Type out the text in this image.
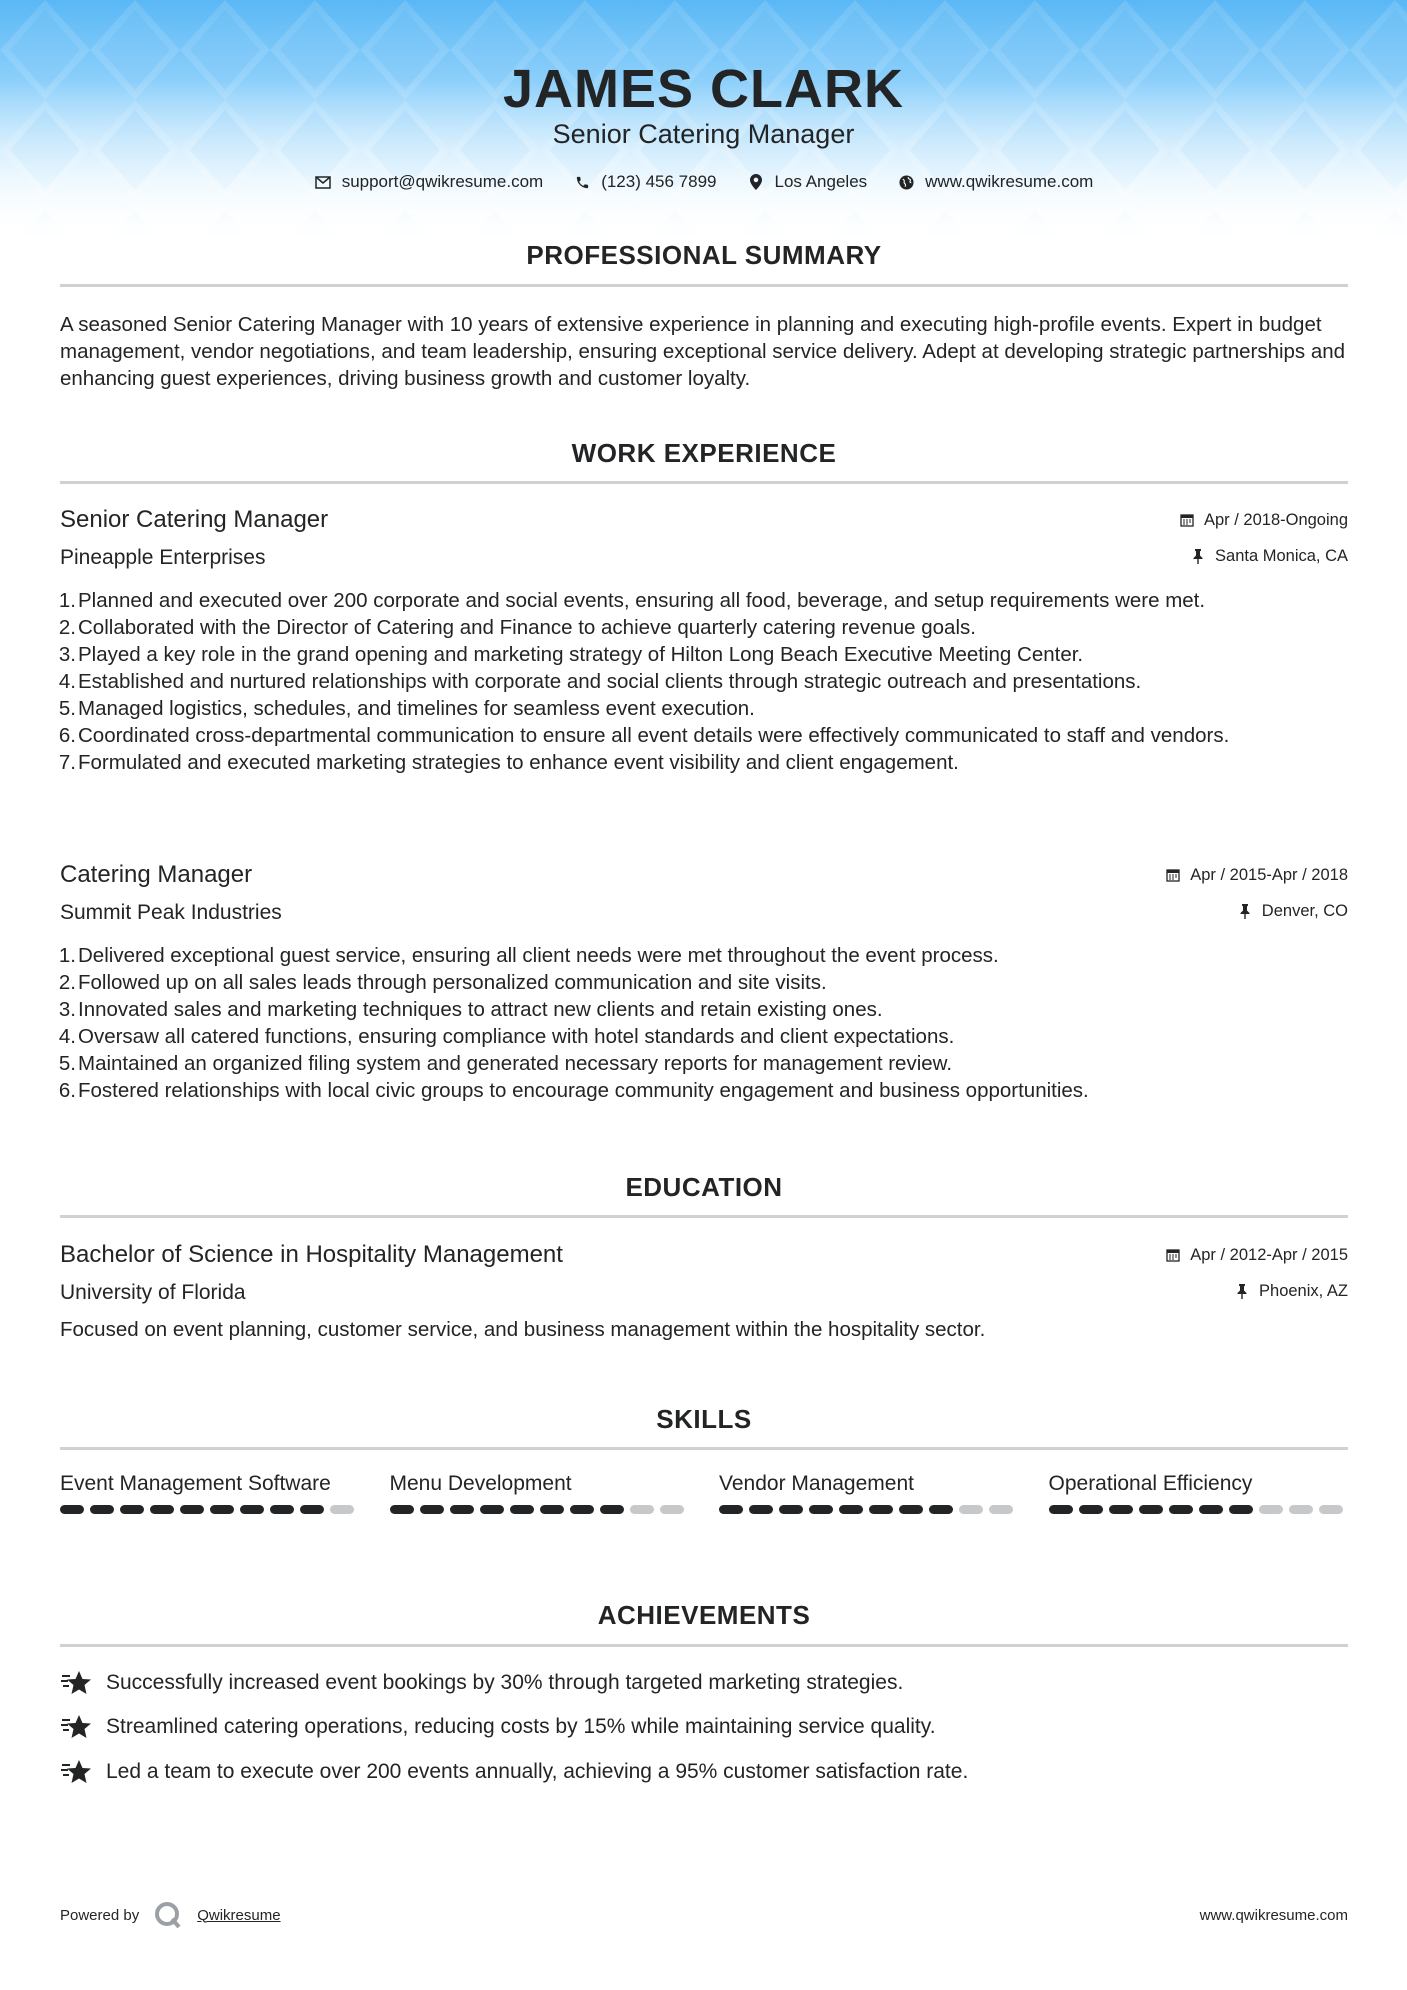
JAMES CLARK
Senior Catering Manager
support@qwikresume.com	(123) 456 7899	Los Angeles	www.qwikresume.com
PROFESSIONAL SUMMARY
A seasoned Senior Catering Manager with 10 years of extensive experience in planning and executing high-profile events. Expert in budget management, vendor negotiations, and team leadership, ensuring exceptional service delivery. Adept at developing strategic partnerships and enhancing guest experiences, driving business growth and customer loyalty.
WORK EXPERIENCE
Senior Catering Manager	Apr / 2018-Ongoing
Pineapple Enterprises	Santa Monica, CA
1. Planned and executed over 200 corporate and social events, ensuring all food, beverage, and setup requirements were met.
2. Collaborated with the Director of Catering and Finance to achieve quarterly catering revenue goals.
3. Played a key role in the grand opening and marketing strategy of Hilton Long Beach Executive Meeting Center.
4. Established and nurtured relationships with corporate and social clients through strategic outreach and presentations.
5. Managed logistics, schedules, and timelines for seamless event execution.
6. Coordinated cross-departmental communication to ensure all event details were effectively communicated to staff and vendors.
7. Formulated and executed marketing strategies to enhance event visibility and client engagement.
Catering Manager	Apr / 2015-Apr / 2018
Summit Peak Industries	Denver, CO
1. Delivered exceptional guest service, ensuring all client needs were met throughout the event process.
2. Followed up on all sales leads through personalized communication and site visits.
3. Innovated sales and marketing techniques to attract new clients and retain existing ones.
4. Oversaw all catered functions, ensuring compliance with hotel standards and client expectations.
5. Maintained an organized filing system and generated necessary reports for management review.
6. Fostered relationships with local civic groups to encourage community engagement and business opportunities.
EDUCATION
Bachelor of Science in Hospitality Management	Apr / 2012-Apr / 2015
University of Florida	Phoenix, AZ
Focused on event planning, customer service, and business management within the hospitality sector.
SKILLS
Event Management Software	Menu Development	Vendor Management	Operational Efficiency
ACHIEVEMENTS
Successfully increased event bookings by 30% through targeted marketing strategies.
Streamlined catering operations, reducing costs by 15% while maintaining service quality.
Led a team to execute over 200 events annually, achieving a 95% customer satisfaction rate.
Powered by	Qwikresume	www.qwikresume.com
